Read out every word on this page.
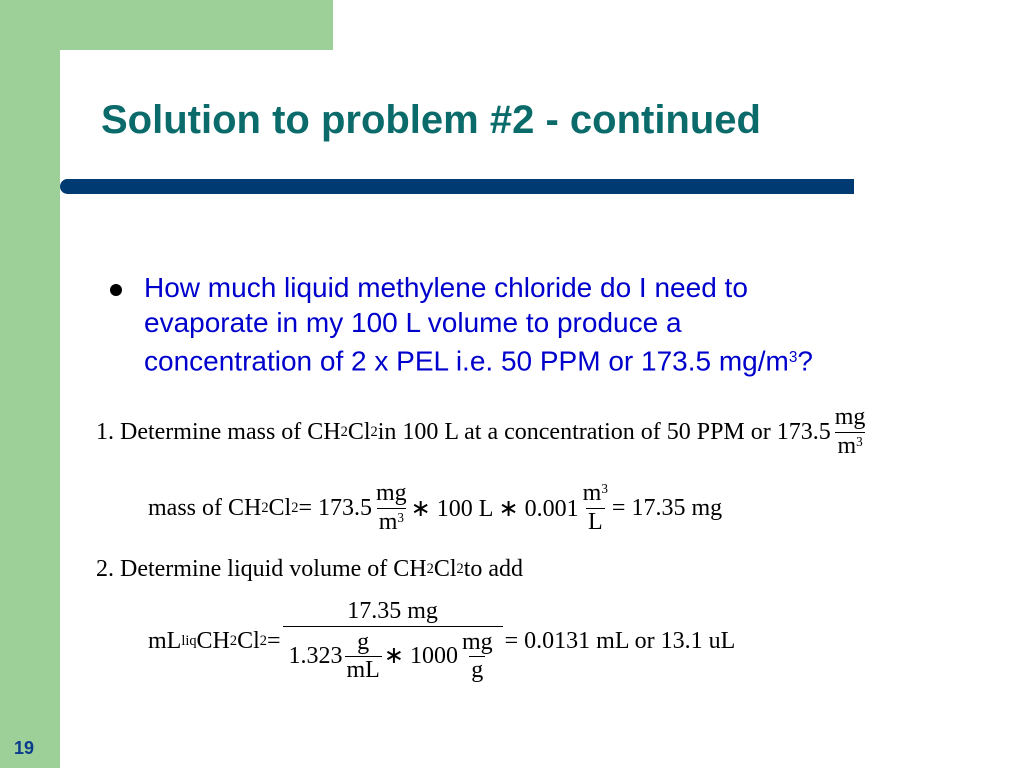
Solution to problem #2 - continued
How much liquid methylene chloride do I need to
evaporate in my 100 L volume to produce a
concentration of 2 x PEL i.e. 50 PPM or 173.5 $mg/m^3$?
1. Determine mass of CH 2 Cl 2 in 100 L at a concentration of 50 PPM or $173.5 \frac{mg}{m^3}$
mass of CH 2 Cl $2 = 173.5 \frac{mg}{m^3}$ ∗ 100 L ∗ $0.001 \frac{m^3}{L} = 17.35$ mg
2. Determine liquid volume of CH 2 Cl 2 to add
mL liq CH 2 Cl 2 =
17.35 mg
$1.323 \frac{g}{mL}$ ∗ $1000 \frac{mg}{g} = 0.0131$ mL or 13.1 uL
19
